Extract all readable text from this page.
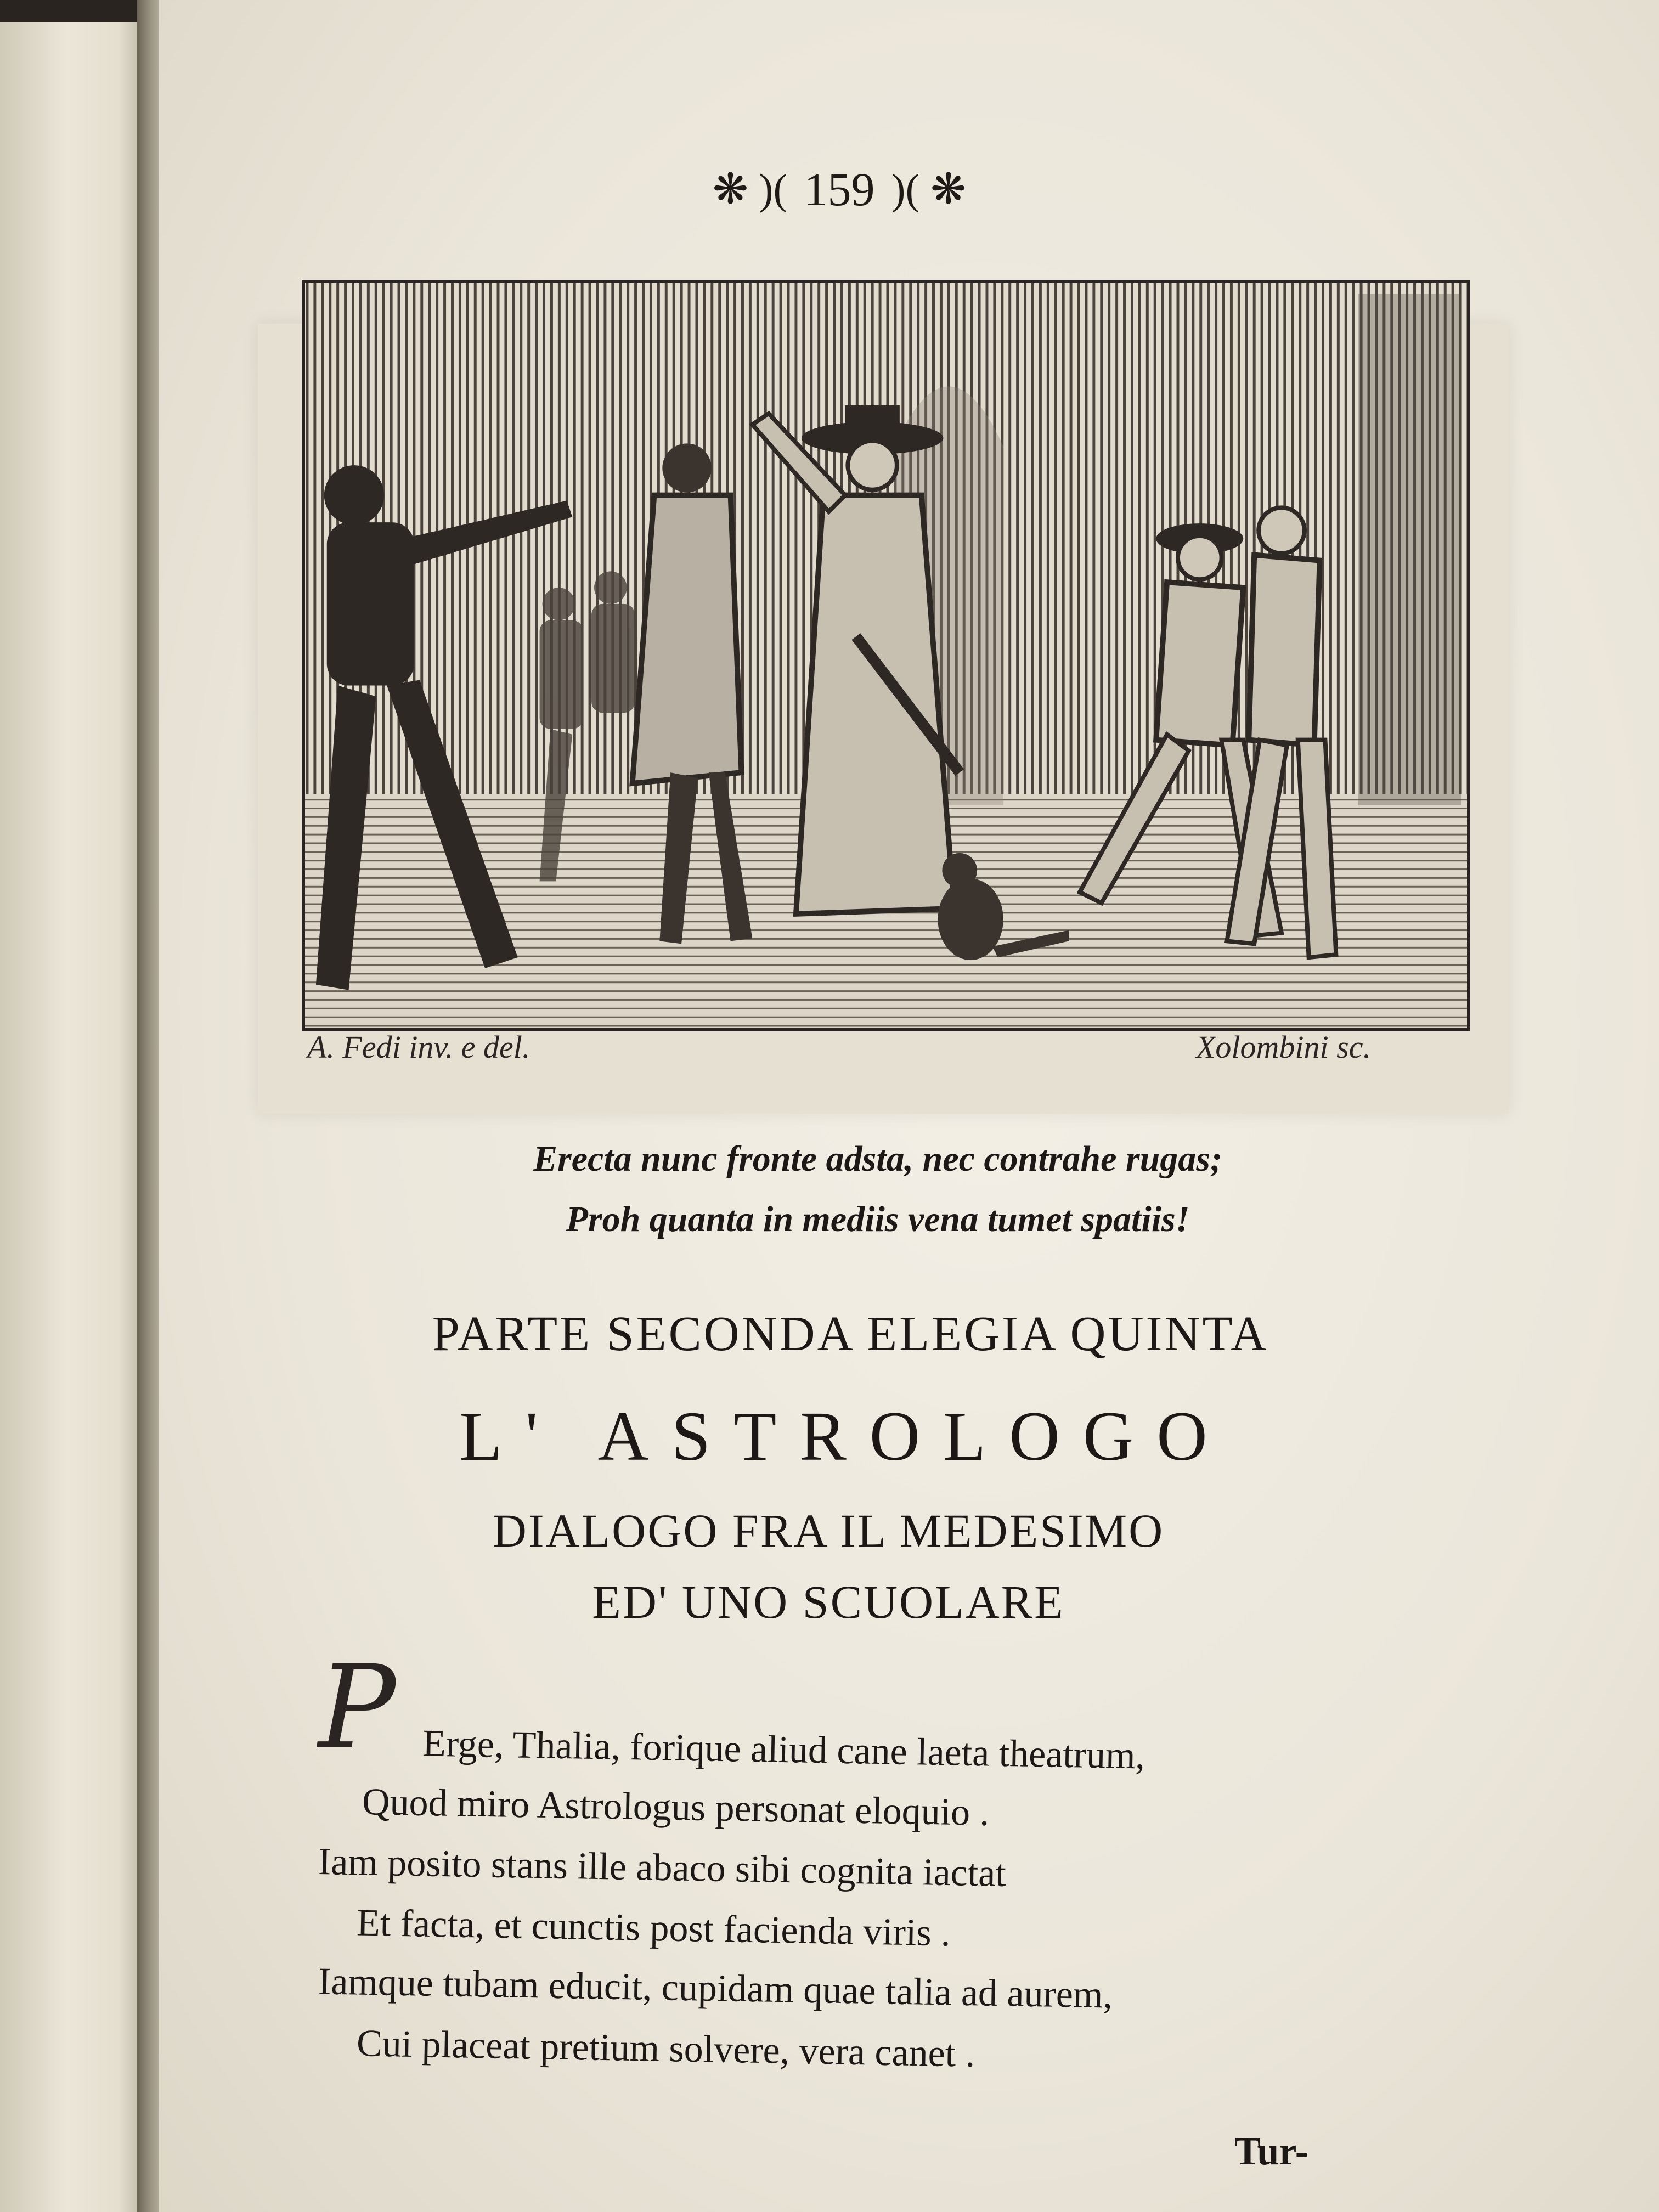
❋ )( 159 )( ❋
A. Fedi inv. e del.	Xolombini sc.
Erecta nunc fronte adsta, nec contrahe rugas;
Proh quanta in mediis vena tumet spatiis!
PARTE SECONDA ELEGIA QUINTA
L' ASTROLOGO
DIALOGO FRA IL MEDESIMO
ED' UNO SCUOLARE
P Erge, Thalia, forique aliud cane laeta theatrum,
Quod miro Astrologus personat eloquio .
Iam posito stans ille abaco sibi cognita iactat
Et facta, et cunctis post facienda viris .
Iamque tubam educit, cupidam quae talia ad aurem,
Cui placeat pretium solvere, vera canet .
Tur-
